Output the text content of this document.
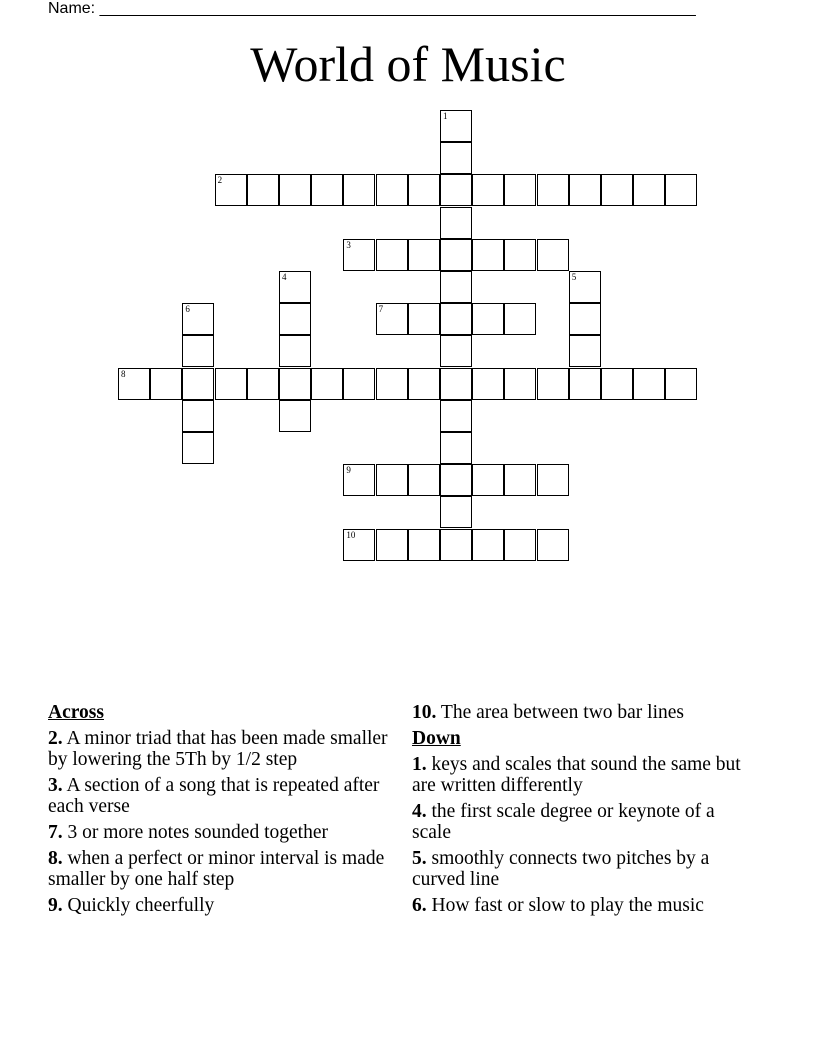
Name: ___________________________________________________________________
World of Music
1
2
3
4	5
6	7
8
9
10
Across
2. A minor triad that has been made smaller by lowering the 5Th by 1/2 step
3. A section of a song that is repeated after each verse
7. 3 or more notes sounded together
8. when a perfect or minor interval is made smaller by one half step
9. Quickly cheerfully
10. The area between two bar lines
Down
1. keys and scales that sound the same but are written differently
4. the first scale degree or keynote of a scale
5. smoothly connects two pitches by a curved line
6. How fast or slow to play the music
